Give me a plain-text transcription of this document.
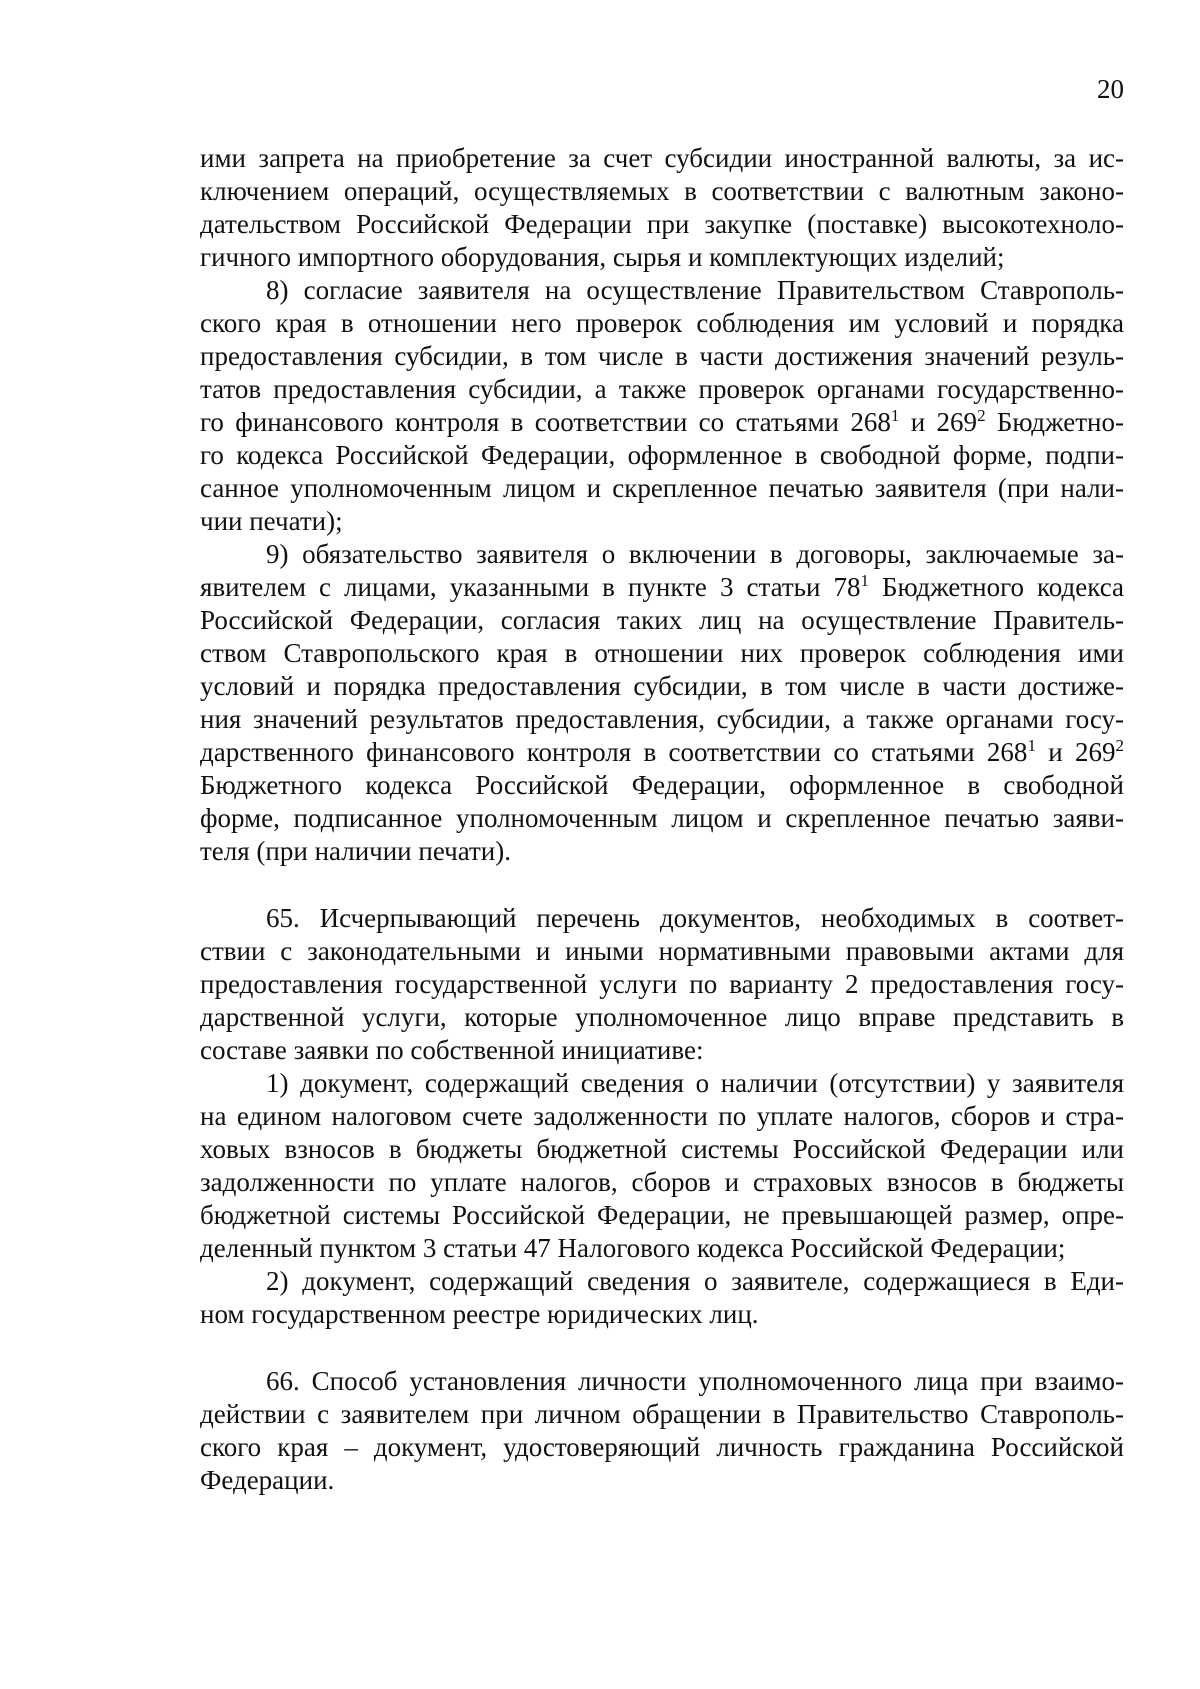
20
ими запрета на приобретение за счет субсидии иностранной валюты, за ис-
ключением операций, осуществляемых в соответствии с валютным законо-
дательством Российской Федерации при закупке (поставке) высокотехноло-
гичного импортного оборудования, сырья и комплектующих изделий;
8) согласие заявителя на осуществление Правительством Ставрополь-
ского края в отношении него проверок соблюдения им условий и порядка
предоставления субсидии, в том числе в части достижения значений резуль-
татов предоставления субсидии, а также проверок органами государственно-
го финансового контроля в соответствии со статьями $268^1$ и $269^2$ Бюджетно-
го кодекса Российской Федерации, оформленное в свободной форме, подпи-
санное уполномоченным лицом и скрепленное печатью заявителя (при нали-
чии печати);
9) обязательство заявителя о включении в договоры, заключаемые за-
явителем с лицами, указанными в пункте 3 статьи $78^1$ Бюджетного кодекса
Российской Федерации, согласия таких лиц на осуществление Правитель-
ством Ставропольского края в отношении них проверок соблюдения ими
условий и порядка предоставления субсидии, в том числе в части достиже-
ния значений результатов предоставления, субсидии, а также органами госу-
дарственного финансового контроля в соответствии со статьями $268^1$ и $269^2$
Бюджетного кодекса Российской Федерации, оформленное в свободной
форме, подписанное уполномоченным лицом и скрепленное печатью заяви-
теля (при наличии печати).
65. Исчерпывающий перечень документов, необходимых в соответ-
ствии с законодательными и иными нормативными правовыми актами для
предоставления государственной услуги по варианту 2 предоставления госу-
дарственной услуги, которые уполномоченное лицо вправе представить в
составе заявки по собственной инициативе:
1) документ, содержащий сведения о наличии (отсутствии) у заявителя
на едином налоговом счете задолженности по уплате налогов, сборов и стра-
ховых взносов в бюджеты бюджетной системы Российской Федерации или
задолженности по уплате налогов, сборов и страховых взносов в бюджеты
бюджетной системы Российской Федерации, не превышающей размер, опре-
деленный пунктом 3 статьи 47 Налогового кодекса Российской Федерации;
2) документ, содержащий сведения о заявителе, содержащиеся в Еди-
ном государственном реестре юридических лиц.
66. Способ установления личности уполномоченного лица при взаимо-
действии с заявителем при личном обращении в Правительство Ставрополь-
ского края – документ, удостоверяющий личность гражданина Российской
Федерации.
